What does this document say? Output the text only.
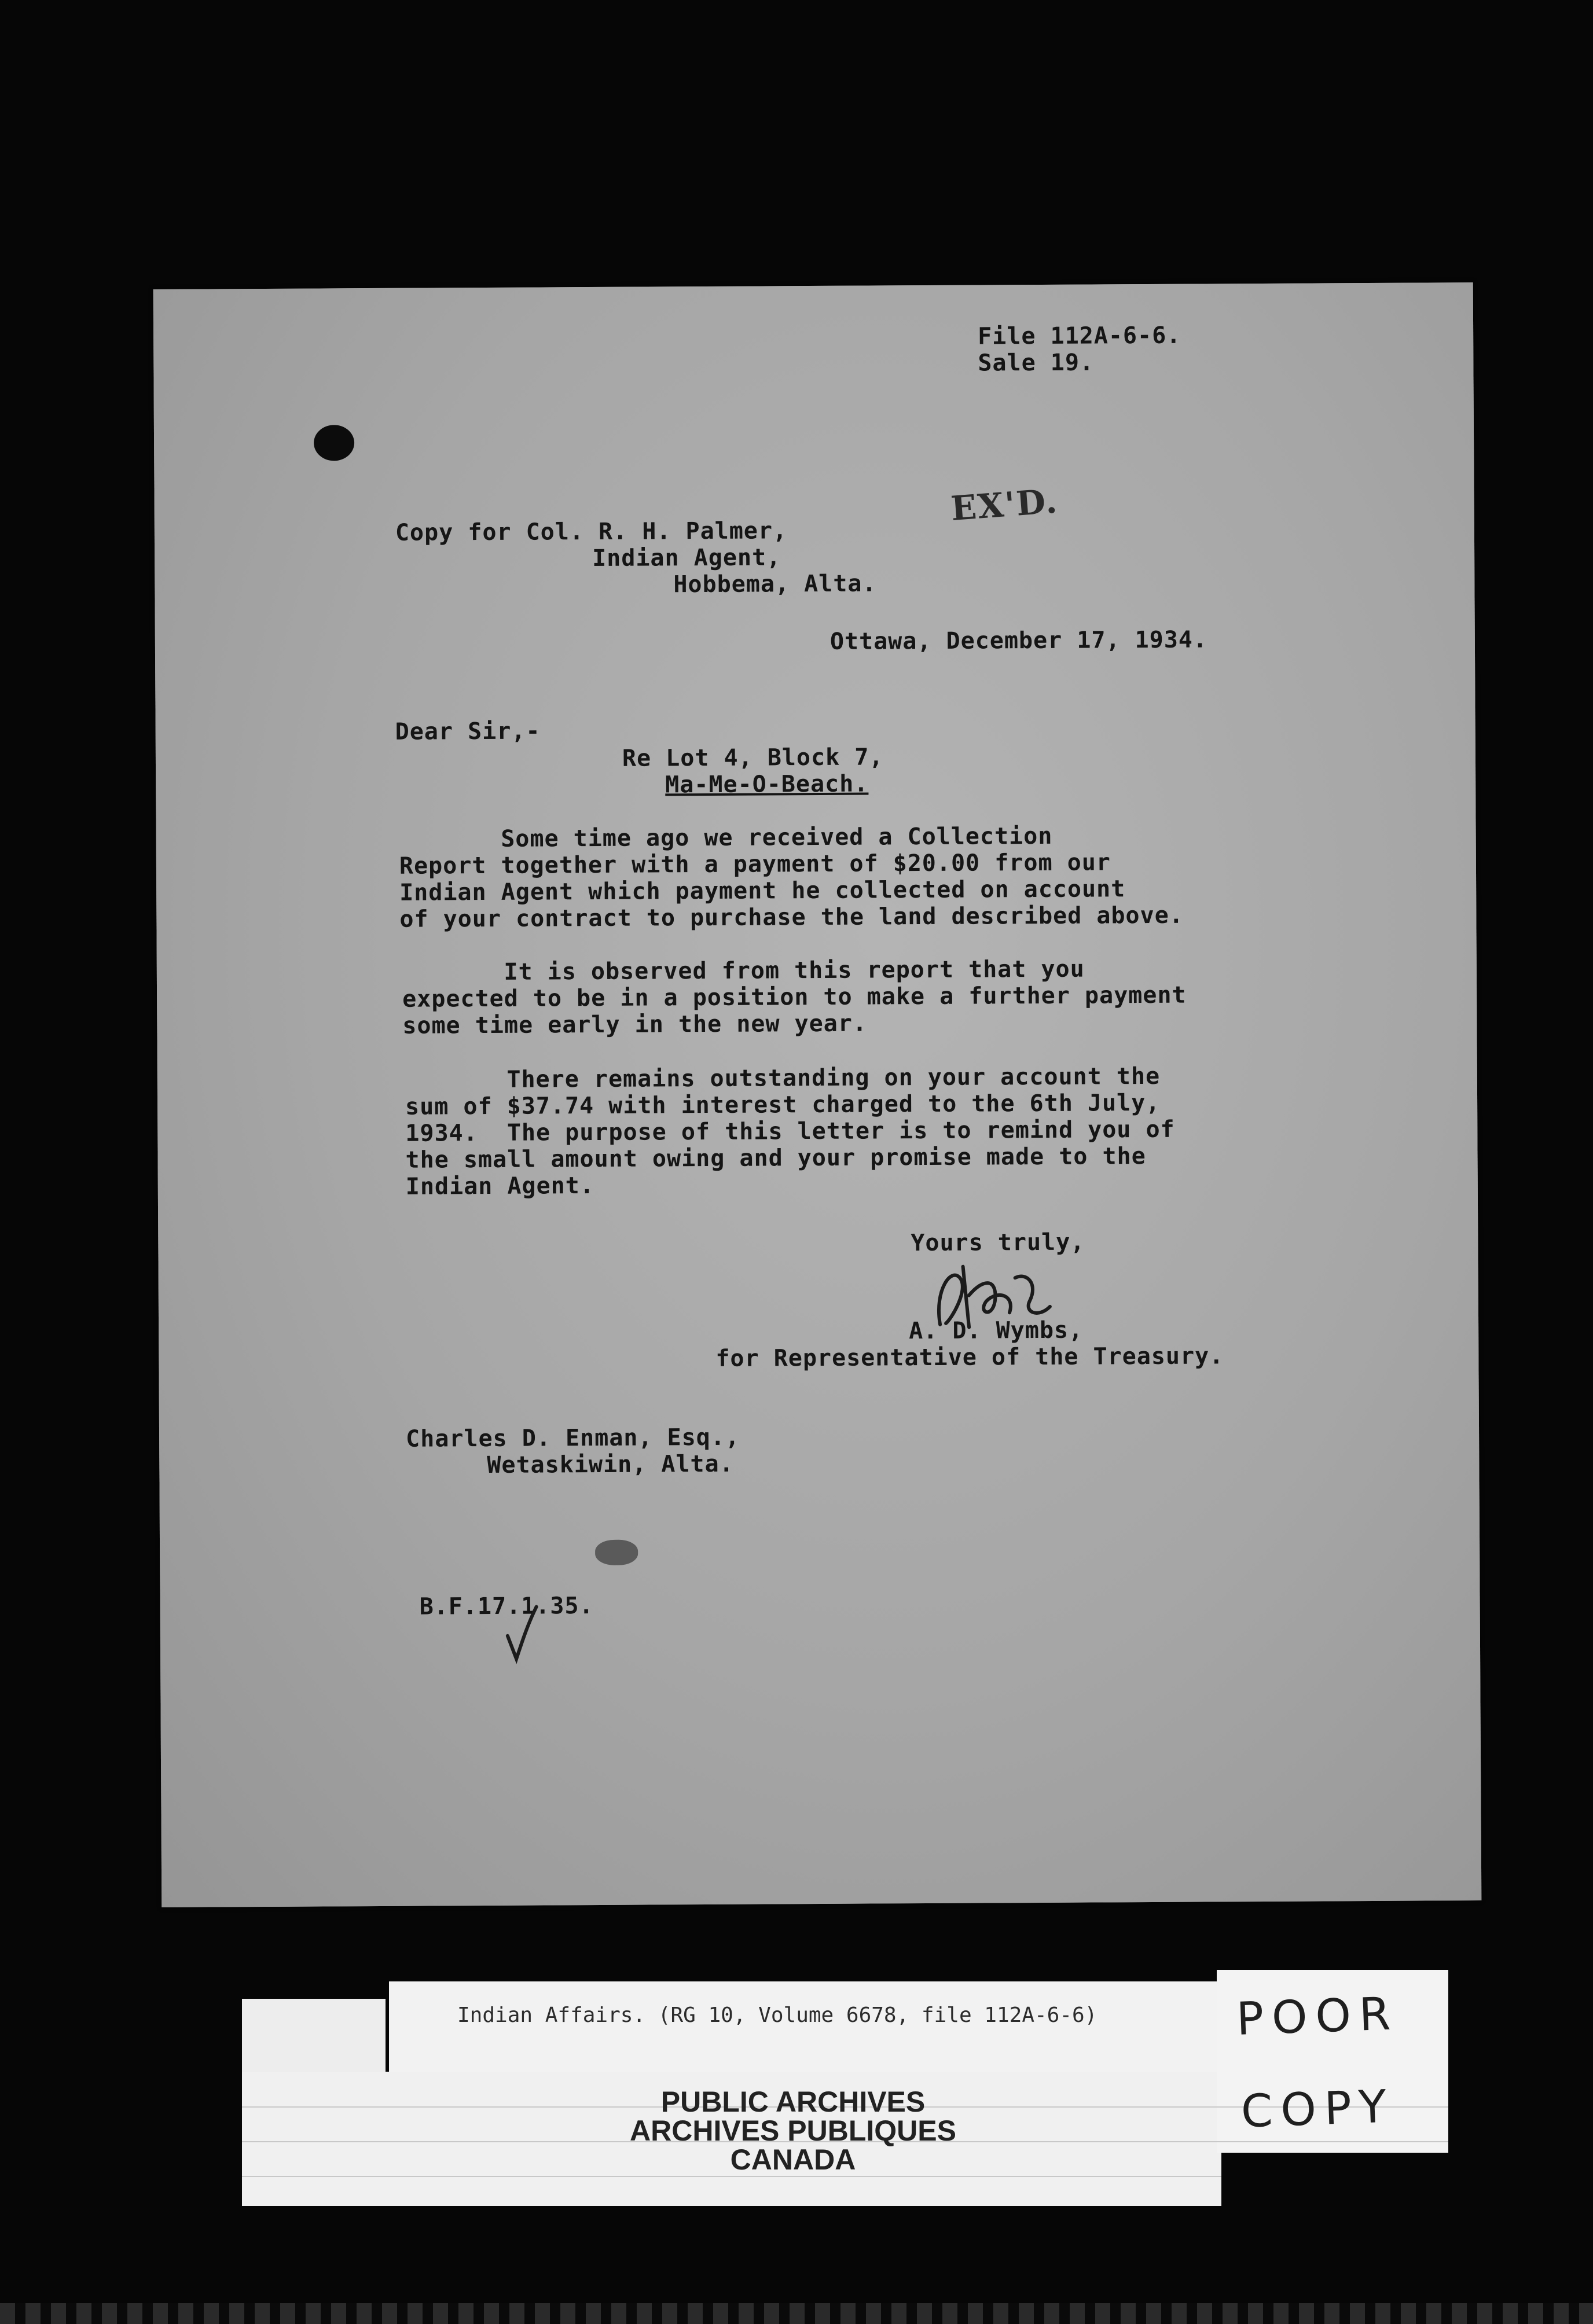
File 112A-6-6.
Sale 19.
EX'D.
Copy for Col. R. H. Palmer,
Indian Agent,
Hobbema, Alta.
Ottawa, December 17, 1934.
Dear Sir,-
Re Lot 4, Block 7,
Ma-Me-O-Beach.
Some time ago we received a Collection
Report together with a payment of $20.00 from our
Indian Agent which payment he collected on account
of your contract to purchase the land described above.
It is observed from this report that you
expected to be in a position to make a further payment
some time early in the new year.
There remains outstanding on your account the
sum of $37.74 with interest charged to the 6th July,
1934.  The purpose of this letter is to remind you of
the small amount owing and your promise made to the
Indian Agent.
Yours truly,
A. D. Wymbs,
for Representative of the Treasury.
Charles D. Enman, Esq.,
Wetaskiwin, Alta.
B.F.17.1.35.
Indian Affairs. (RG 10, Volume 6678, file 112A-6-6)
PUBLIC ARCHIVES
ARCHIVES PUBLIQUES
CANADA
POOR
COPY
